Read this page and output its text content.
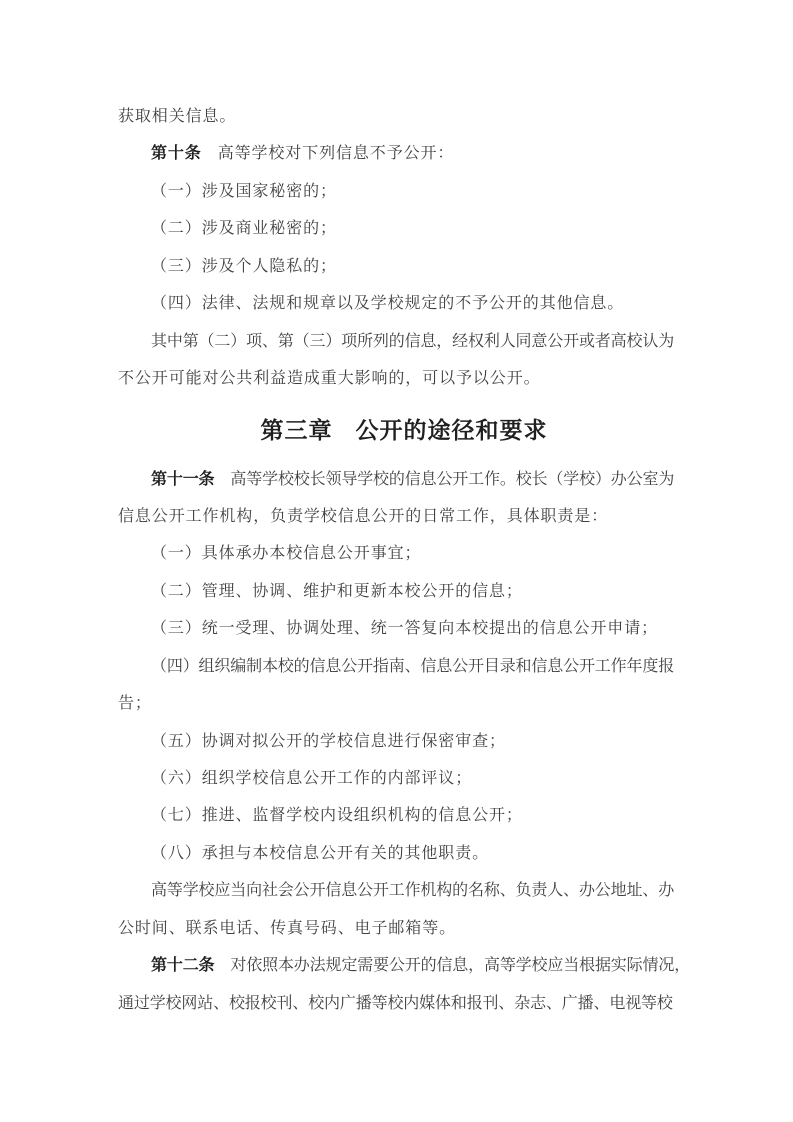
获取相关信息。
第十条 高等学校对下列信息不予公开：
（一）涉及国家秘密的；
（二）涉及商业秘密的；
（三）涉及个人隐私的；
（四）法律、法规和规章以及学校规定的不予公开的其他信息。
其中第（二）项、第（三）项所列的信息，经权利人同意公开或者高校认为
不公开可能对公共利益造成重大影响的，可以予以公开。
第三章 公开的途径和要求
第十一条 高等学校校长领导学校的信息公开工作。校长（学校）办公室为
信息公开工作机构，负责学校信息公开的日常工作，具体职责是：
（一）具体承办本校信息公开事宜；
（二）管理、协调、维护和更新本校公开的信息；
（三）统一受理、协调处理、统一答复向本校提出的信息公开申请；
（四）组织编制本校的信息公开指南、信息公开目录和信息公开工作年度报
告；
（五）协调对拟公开的学校信息进行保密审查；
（六）组织学校信息公开工作的内部评议；
（七）推进、监督学校内设组织机构的信息公开；
（八）承担与本校信息公开有关的其他职责。
高等学校应当向社会公开信息公开工作机构的名称、负责人、办公地址、办
公时间、联系电话、传真号码、电子邮箱等。
第十二条 对依照本办法规定需要公开的信息，高等学校应当根据实际情况，
通过学校网站、校报校刊、校内广播等校内媒体和报刊、杂志、广播、电视等校
